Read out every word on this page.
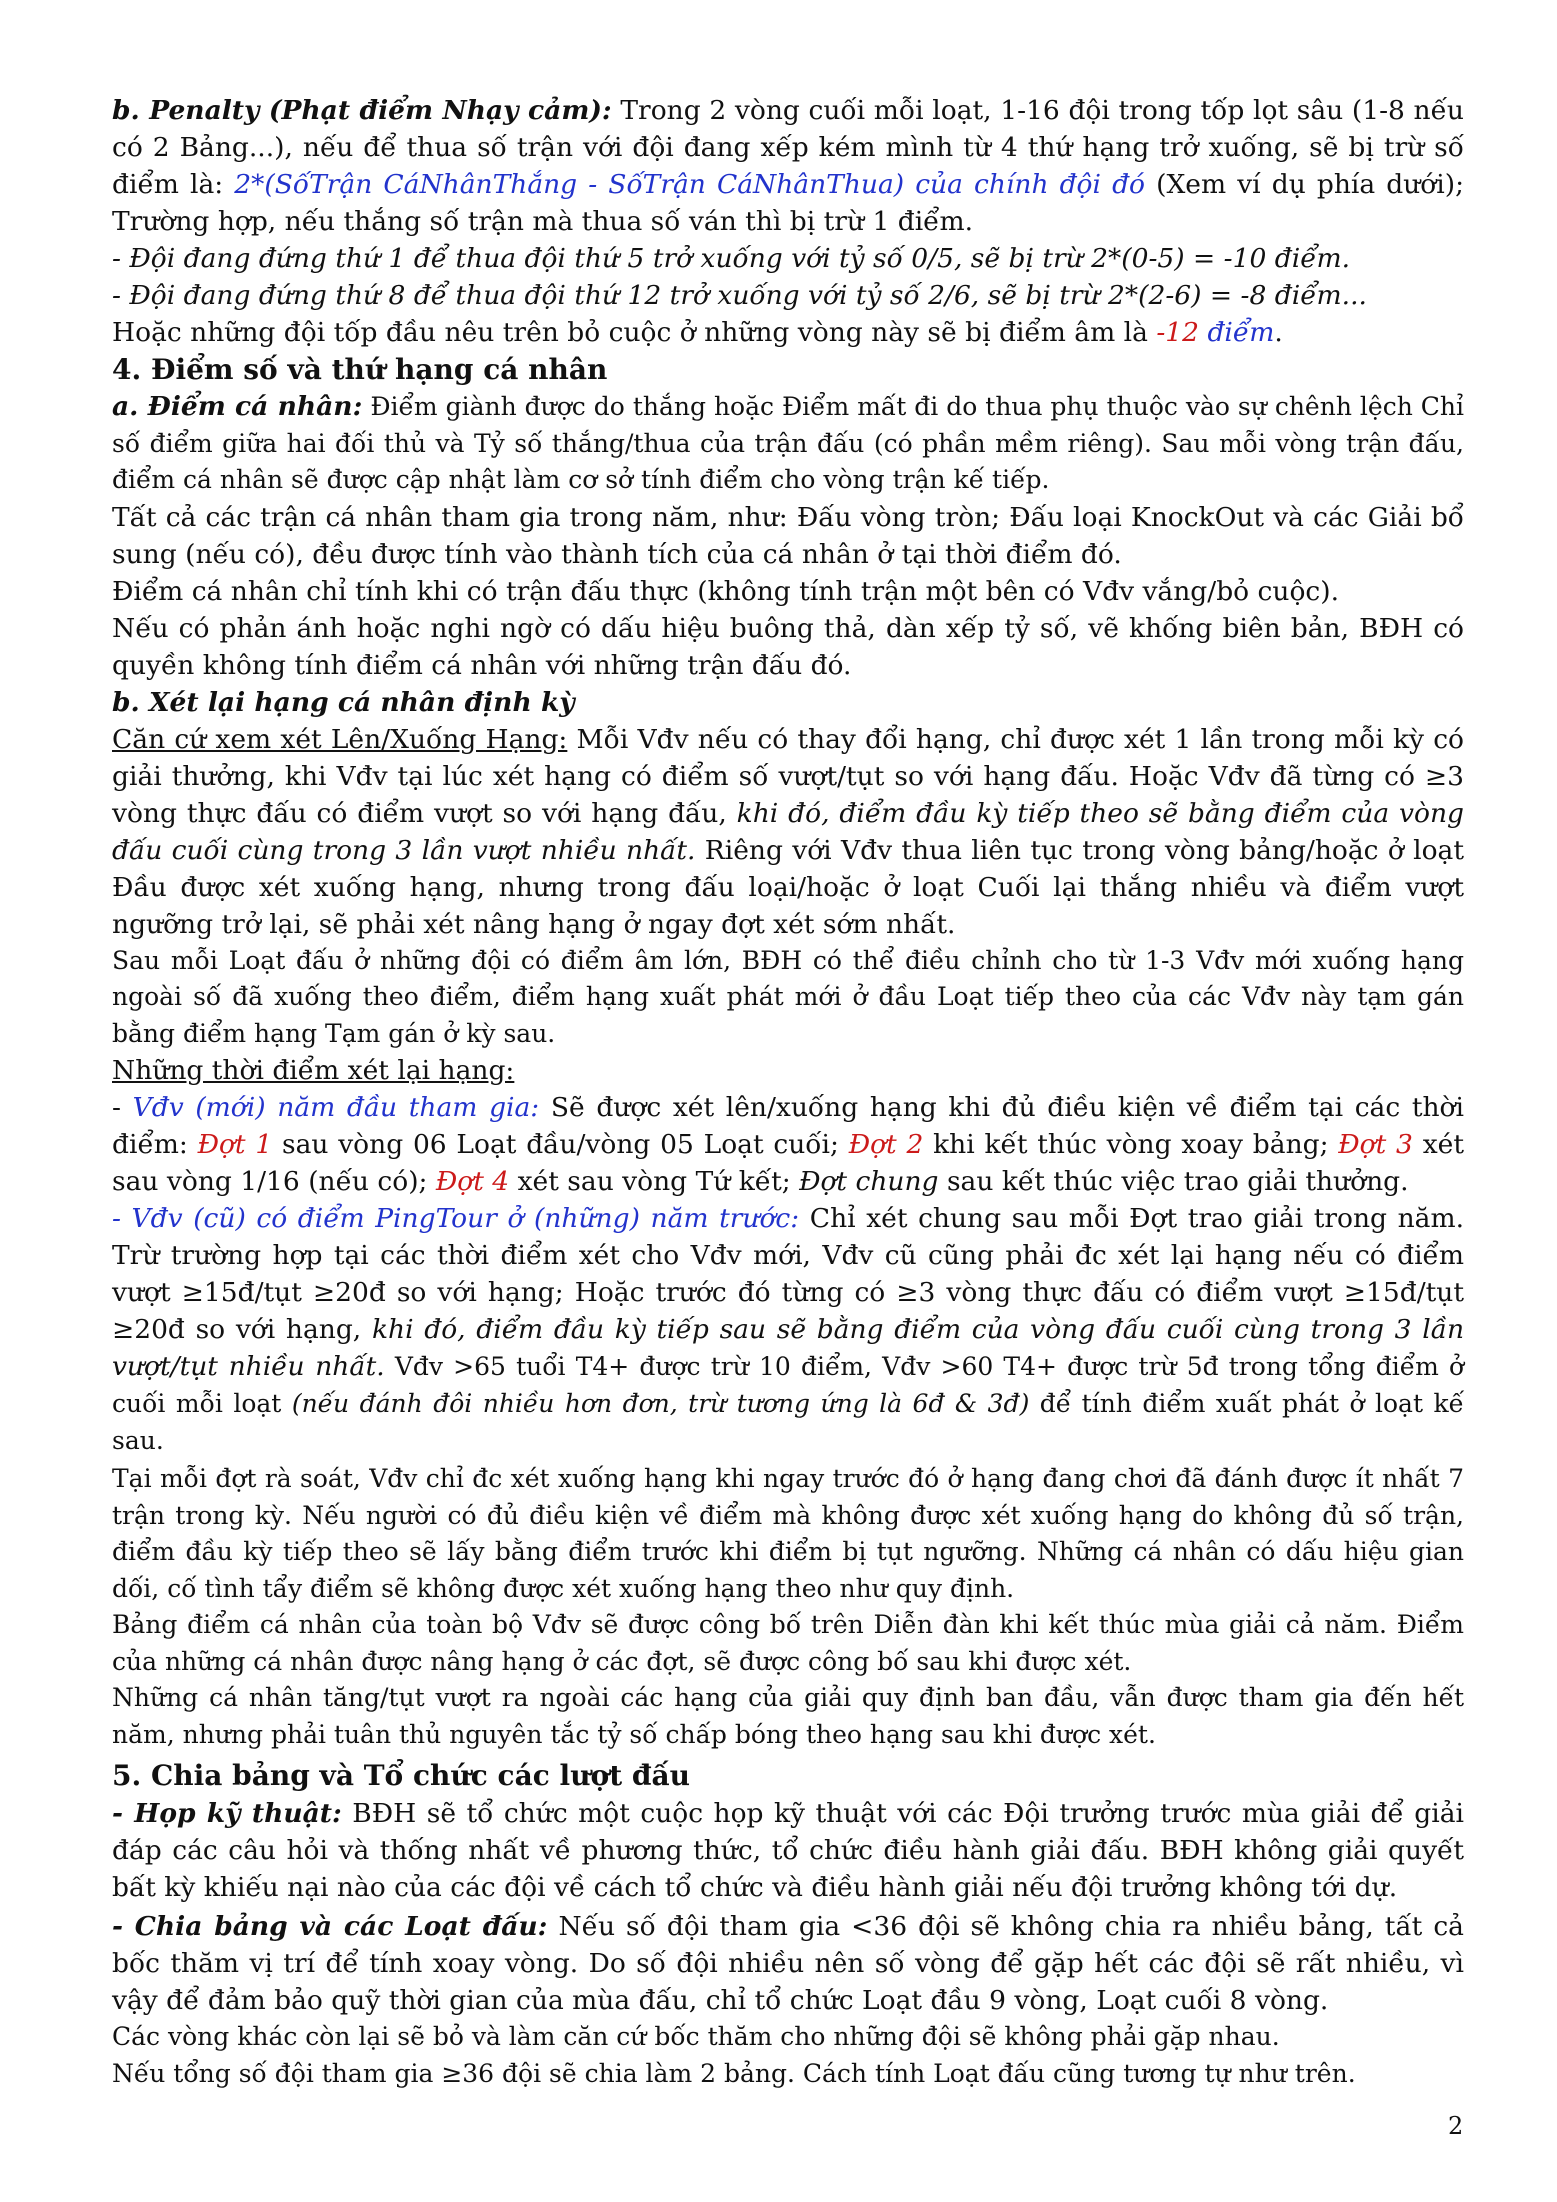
b. Penalty (Phạt điểm Nhạy cảm): Trong 2 vòng cuối mỗi loạt, 1-16 đội trong tốp lọt sâu (1-8 nếu có 2 Bảng...), nếu để thua số trận với đội đang xếp kém mình từ 4 thứ hạng trở xuống, sẽ bị trừ số điểm là: 2*(SốTrận CáNhânThắng - SốTrận CáNhânThua) của chính đội đó (Xem ví dụ phía dưới); Trường hợp, nếu thắng số trận mà thua số ván thì bị trừ 1 điểm.

- Đội đang đứng thứ 1 để thua đội thứ 5 trở xuống với tỷ số 0/5, sẽ bị trừ 2*(0-5) = -10 điểm.

- Đội đang đứng thứ 8 để thua đội thứ 12 trở xuống với tỷ số 2/6, sẽ bị trừ 2*(2-6) = -8 điểm...

Hoặc những đội tốp đầu nêu trên bỏ cuộc ở những vòng này sẽ bị điểm âm là -12 điểm.

4. Điểm số và thứ hạng cá nhân

a. Điểm cá nhân: Điểm giành được do thắng hoặc Điểm mất đi do thua phụ thuộc vào sự chênh lệch Chỉ số điểm giữa hai đối thủ và Tỷ số thắng/thua của trận đấu (có phần mềm riêng). Sau mỗi vòng trận đấu, điểm cá nhân sẽ được cập nhật làm cơ sở tính điểm cho vòng trận kế tiếp.

Tất cả các trận cá nhân tham gia trong năm, như: Đấu vòng tròn; Đấu loại KnockOut và các Giải bổ sung (nếu có), đều được tính vào thành tích của cá nhân ở tại thời điểm đó.

Điểm cá nhân chỉ tính khi có trận đấu thực (không tính trận một bên có Vđv vắng/bỏ cuộc).

Nếu có phản ánh hoặc nghi ngờ có dấu hiệu buông thả, dàn xếp tỷ số, vẽ khống biên bản, BĐH có quyền không tính điểm cá nhân với những trận đấu đó.

b. Xét lại hạng cá nhân định kỳ

Căn cứ xem xét Lên/Xuống Hạng: Mỗi Vđv nếu có thay đổi hạng, chỉ được xét 1 lần trong mỗi kỳ có giải thưởng, khi Vđv tại lúc xét hạng có điểm số vượt/tụt so với hạng đấu. Hoặc Vđv đã từng có ≥3 vòng thực đấu có điểm vượt so với hạng đấu, khi đó, điểm đầu kỳ tiếp theo sẽ bằng điểm của vòng đấu cuối cùng trong 3 lần vượt nhiều nhất. Riêng với Vđv thua liên tục trong vòng bảng/hoặc ở loạt Đầu được xét xuống hạng, nhưng trong đấu loại/hoặc ở loạt Cuối lại thắng nhiều và điểm vượt ngưỡng trở lại, sẽ phải xét nâng hạng ở ngay đợt xét sớm nhất.

Sau mỗi Loạt đấu ở những đội có điểm âm lớn, BĐH có thể điều chỉnh cho từ 1-3 Vđv mới xuống hạng ngoài số đã xuống theo điểm, điểm hạng xuất phát mới ở đầu Loạt tiếp theo của các Vđv này tạm gán bằng điểm hạng Tạm gán ở kỳ sau.

Những thời điểm xét lại hạng:

- Vđv (mới) năm đầu tham gia: Sẽ được xét lên/xuống hạng khi đủ điều kiện về điểm tại các thời điểm: Đợt 1 sau vòng 06 Loạt đầu/vòng 05 Loạt cuối; Đợt 2 khi kết thúc vòng xoay bảng; Đợt 3 xét sau vòng 1/16 (nếu có); Đợt 4 xét sau vòng Tứ kết; Đợt chung sau kết thúc việc trao giải thưởng.

- Vđv (cũ) có điểm PingTour ở (những) năm trước: Chỉ xét chung sau mỗi Đợt trao giải trong năm. Trừ trường hợp tại các thời điểm xét cho Vđv mới, Vđv cũ cũng phải đc xét lại hạng nếu có điểm vượt ≥15đ/tụt ≥20đ so với hạng; Hoặc trước đó từng có ≥3 vòng thực đấu có điểm vượt ≥15đ/tụt ≥20đ so với hạng, khi đó, điểm đầu kỳ tiếp sau sẽ bằng điểm của vòng đấu cuối cùng trong 3 lần vượt/tụt nhiều nhất. Vđv >65 tuổi T4+ được trừ 10 điểm, Vđv >60 T4+ được trừ 5đ trong tổng điểm ở cuối mỗi loạt (nếu đánh đôi nhiều hơn đơn, trừ tương ứng là 6đ & 3đ) để tính điểm xuất phát ở loạt kế sau.

Tại mỗi đợt rà soát, Vđv chỉ đc xét xuống hạng khi ngay trước đó ở hạng đang chơi đã đánh được ít nhất 7 trận trong kỳ. Nếu người có đủ điều kiện về điểm mà không được xét xuống hạng do không đủ số trận, điểm đầu kỳ tiếp theo sẽ lấy bằng điểm trước khi điểm bị tụt ngưỡng. Những cá nhân có dấu hiệu gian dối, cố tình tẩy điểm sẽ không được xét xuống hạng theo như quy định.

Bảng điểm cá nhân của toàn bộ Vđv sẽ được công bố trên Diễn đàn khi kết thúc mùa giải cả năm. Điểm của những cá nhân được nâng hạng ở các đợt, sẽ được công bố sau khi được xét.

Những cá nhân tăng/tụt vượt ra ngoài các hạng của giải quy định ban đầu, vẫn được tham gia đến hết năm, nhưng phải tuân thủ nguyên tắc tỷ số chấp bóng theo hạng sau khi được xét.

5. Chia bảng và Tổ chức các lượt đấu

- Họp kỹ thuật: BĐH sẽ tổ chức một cuộc họp kỹ thuật với các Đội trưởng trước mùa giải để giải đáp các câu hỏi và thống nhất về phương thức, tổ chức điều hành giải đấu. BĐH không giải quyết bất kỳ khiếu nại nào của các đội về cách tổ chức và điều hành giải nếu đội trưởng không tới dự.

- Chia bảng và các Loạt đấu: Nếu số đội tham gia <36 đội sẽ không chia ra nhiều bảng, tất cả bốc thăm vị trí để tính xoay vòng. Do số đội nhiều nên số vòng để gặp hết các đội sẽ rất nhiều, vì vậy để đảm bảo quỹ thời gian của mùa đấu, chỉ tổ chức Loạt đầu 9 vòng, Loạt cuối 8 vòng.

Các vòng khác còn lại sẽ bỏ và làm căn cứ bốc thăm cho những đội sẽ không phải gặp nhau.

Nếu tổng số đội tham gia ≥36 đội sẽ chia làm 2 bảng. Cách tính Loạt đấu cũng tương tự như trên.

2
